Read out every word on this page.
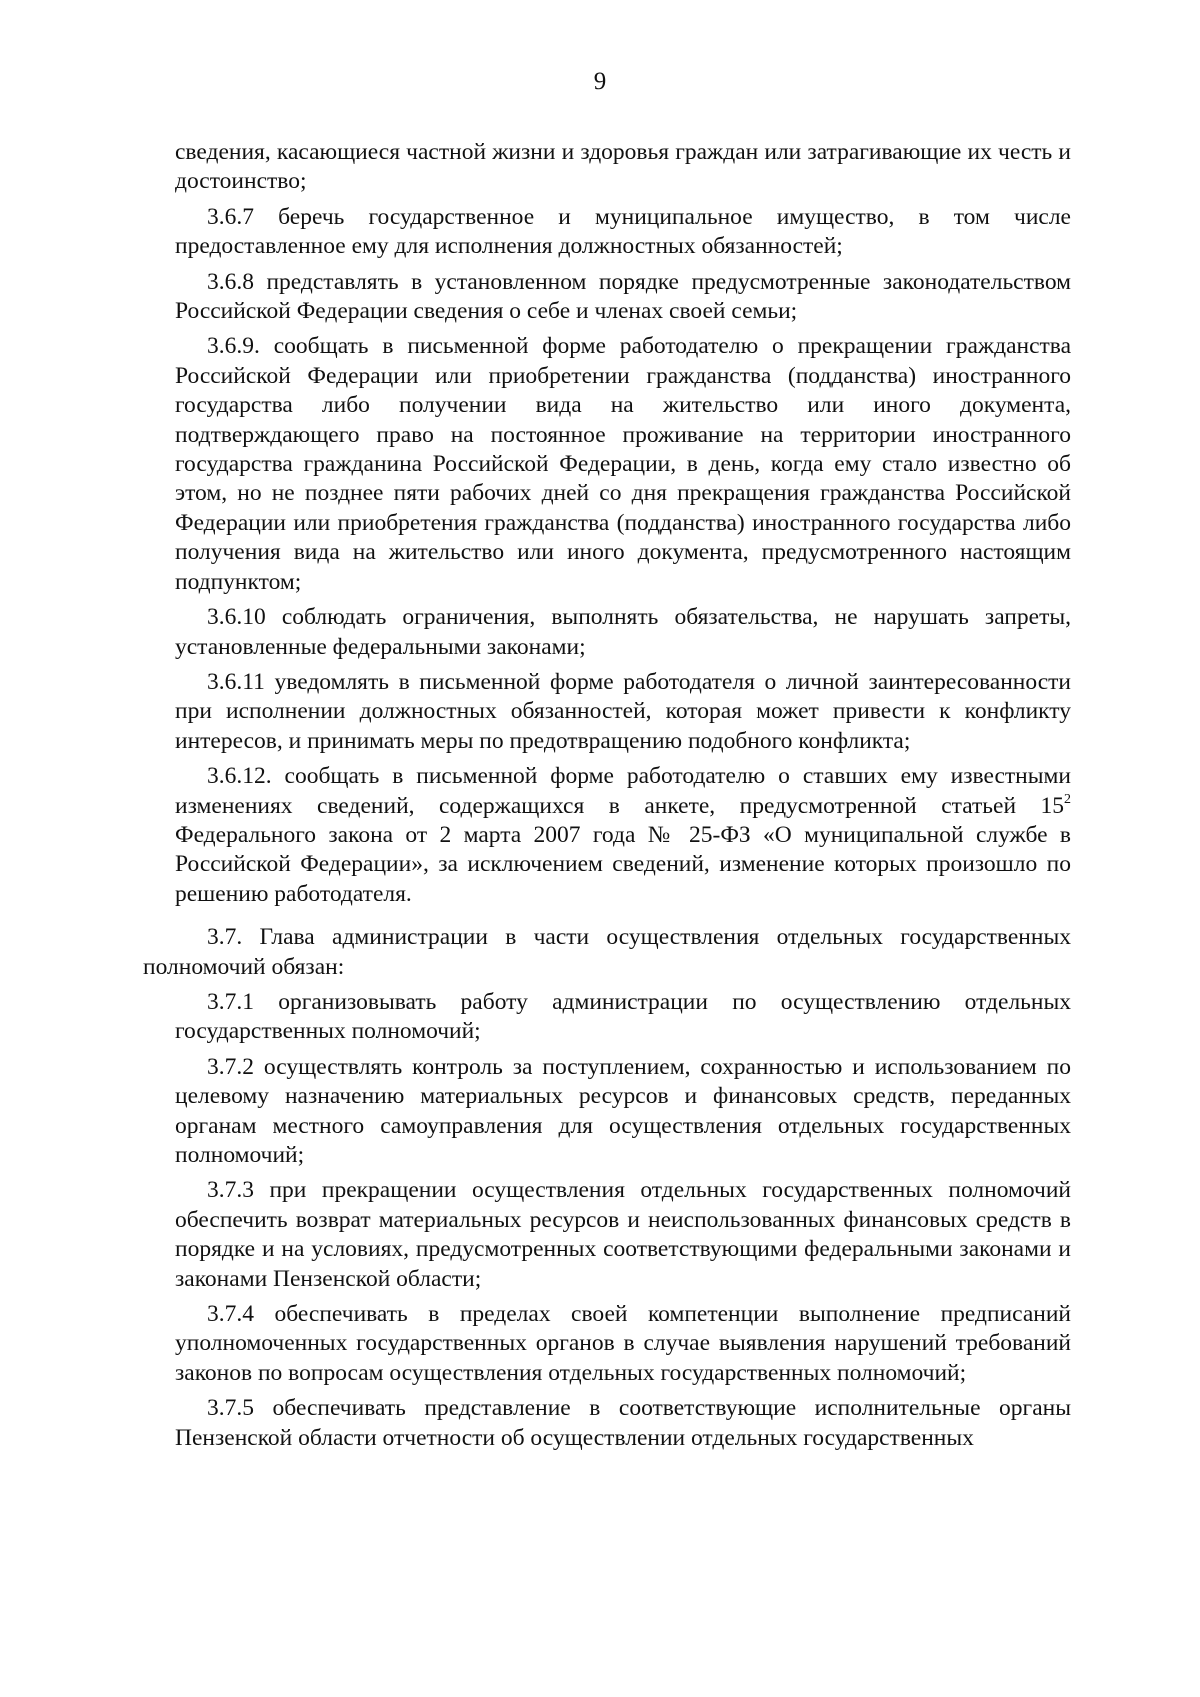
9

сведения, касающиеся частной жизни и здоровья граждан или затрагивающие их честь и достоинство;

3.6.7 беречь государственное и муниципальное имущество, в том числе предоставленное ему для исполнения должностных обязанностей;

3.6.8 представлять в установленном порядке предусмотренные законодательством Российской Федерации сведения о себе и членах своей семьи;

3.6.9. сообщать в письменной форме работодателю о прекращении гражданства Российской Федерации или приобретении гражданства (подданства) иностранного государства либо получении вида на жительство или иного документа, подтверждающего право на постоянное проживание на территории иностранного государства гражданина Российской Федерации, в день, когда ему стало известно об этом, но не позднее пяти рабочих дней со дня прекращения гражданства Российской Федерации или приобретения гражданства (подданства) иностранного государства либо получения вида на жительство или иного документа, предусмотренного настоящим подпунктом;

3.6.10 соблюдать ограничения, выполнять обязательства, не нарушать запреты, установленные федеральными законами;

3.6.11 уведомлять в письменной форме работодателя о личной заинтересованности при исполнении должностных обязанностей, которая может привести к конфликту интересов, и принимать меры по предотвращению подобного конфликта;

3.6.12. сообщать в письменной форме работодателю о ставших ему известными изменениях сведений, содержащихся в анкете, предусмотренной статьей $15^2$ Федерального закона от 2 марта 2007 года № 25-ФЗ «О муниципальной службе в Российской Федерации», за исключением сведений, изменение которых произошло по решению работодателя.

3.7. Глава администрации в части осуществления отдельных государственных полномочий обязан:

3.7.1 организовывать работу администрации по осуществлению отдельных государственных полномочий;

3.7.2 осуществлять контроль за поступлением, сохранностью и использованием по целевому назначению материальных ресурсов и финансовых средств, переданных органам местного самоуправления для осуществления отдельных государственных полномочий;

3.7.3 при прекращении осуществления отдельных государственных полномочий обеспечить возврат материальных ресурсов и неиспользованных финансовых средств в порядке и на условиях, предусмотренных соответствующими федеральными законами и законами Пензенской области;

3.7.4 обеспечивать в пределах своей компетенции выполнение предписаний уполномоченных государственных органов в случае выявления нарушений требований законов по вопросам осуществления отдельных государственных полномочий;

3.7.5 обеспечивать представление в соответствующие исполнительные органы Пензенской области отчетности об осуществлении отдельных государственных
